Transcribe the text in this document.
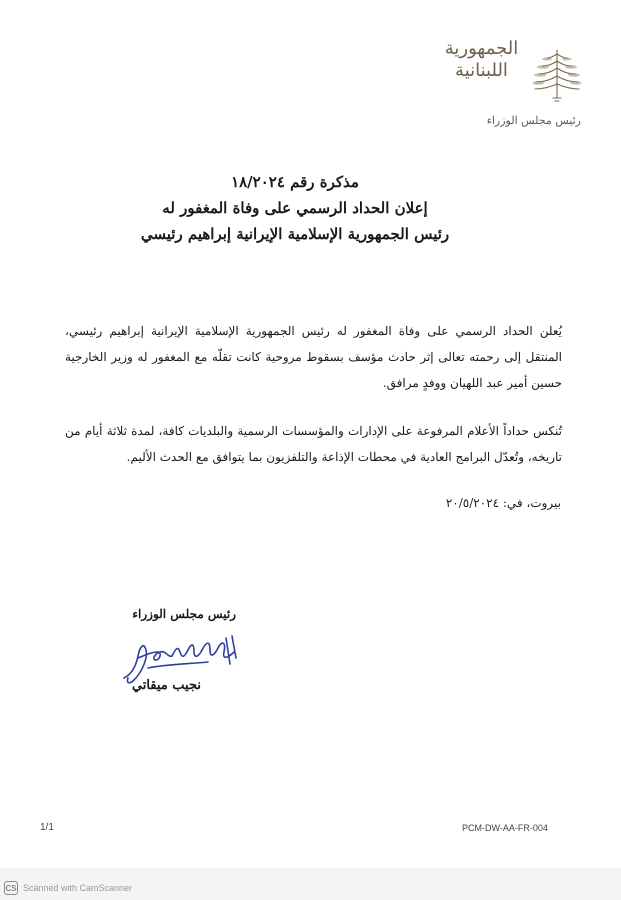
الجمهورية
اللبنانية
رئيس مجلس الوزراء
مذكرة رقم ١٨/٢٠٢٤
إعلان الحداد الرسمي على وفاة المغفور له
رئيس الجمهورية الإسلامية الإيرانية إبراهيم رئيسي
يُعلن الحداد الرسمي على وفاة المغفور له رئيس الجمهورية الإسلامية الإيرانية إبراهيم رئيسي، المنتقل إلى رحمته تعالى إثر حادث مؤسف بسقوط مروحية كانت تقلّه مع المغفور له وزير الخارجية حسين أمير عبد اللهيان ووفدٍ مرافق.
تُنكس حداداً الأعلام المرفوعة على الإدارات والمؤسسات الرسمية والبلديات كافة، لمدة ثلاثة أيام من تاريخه، وتُعدّل البرامج العادية في محطات الإذاعة والتلفزيون بما يتوافق مع الحدث الأليم.
بيروت، في: ٢٠/٥/٢٠٢٤
رئيس مجلس الوزراء
نجيب ميقاتي
1/1	PCM-DW-AA-FR-004
CS Scanned with CamScanner
